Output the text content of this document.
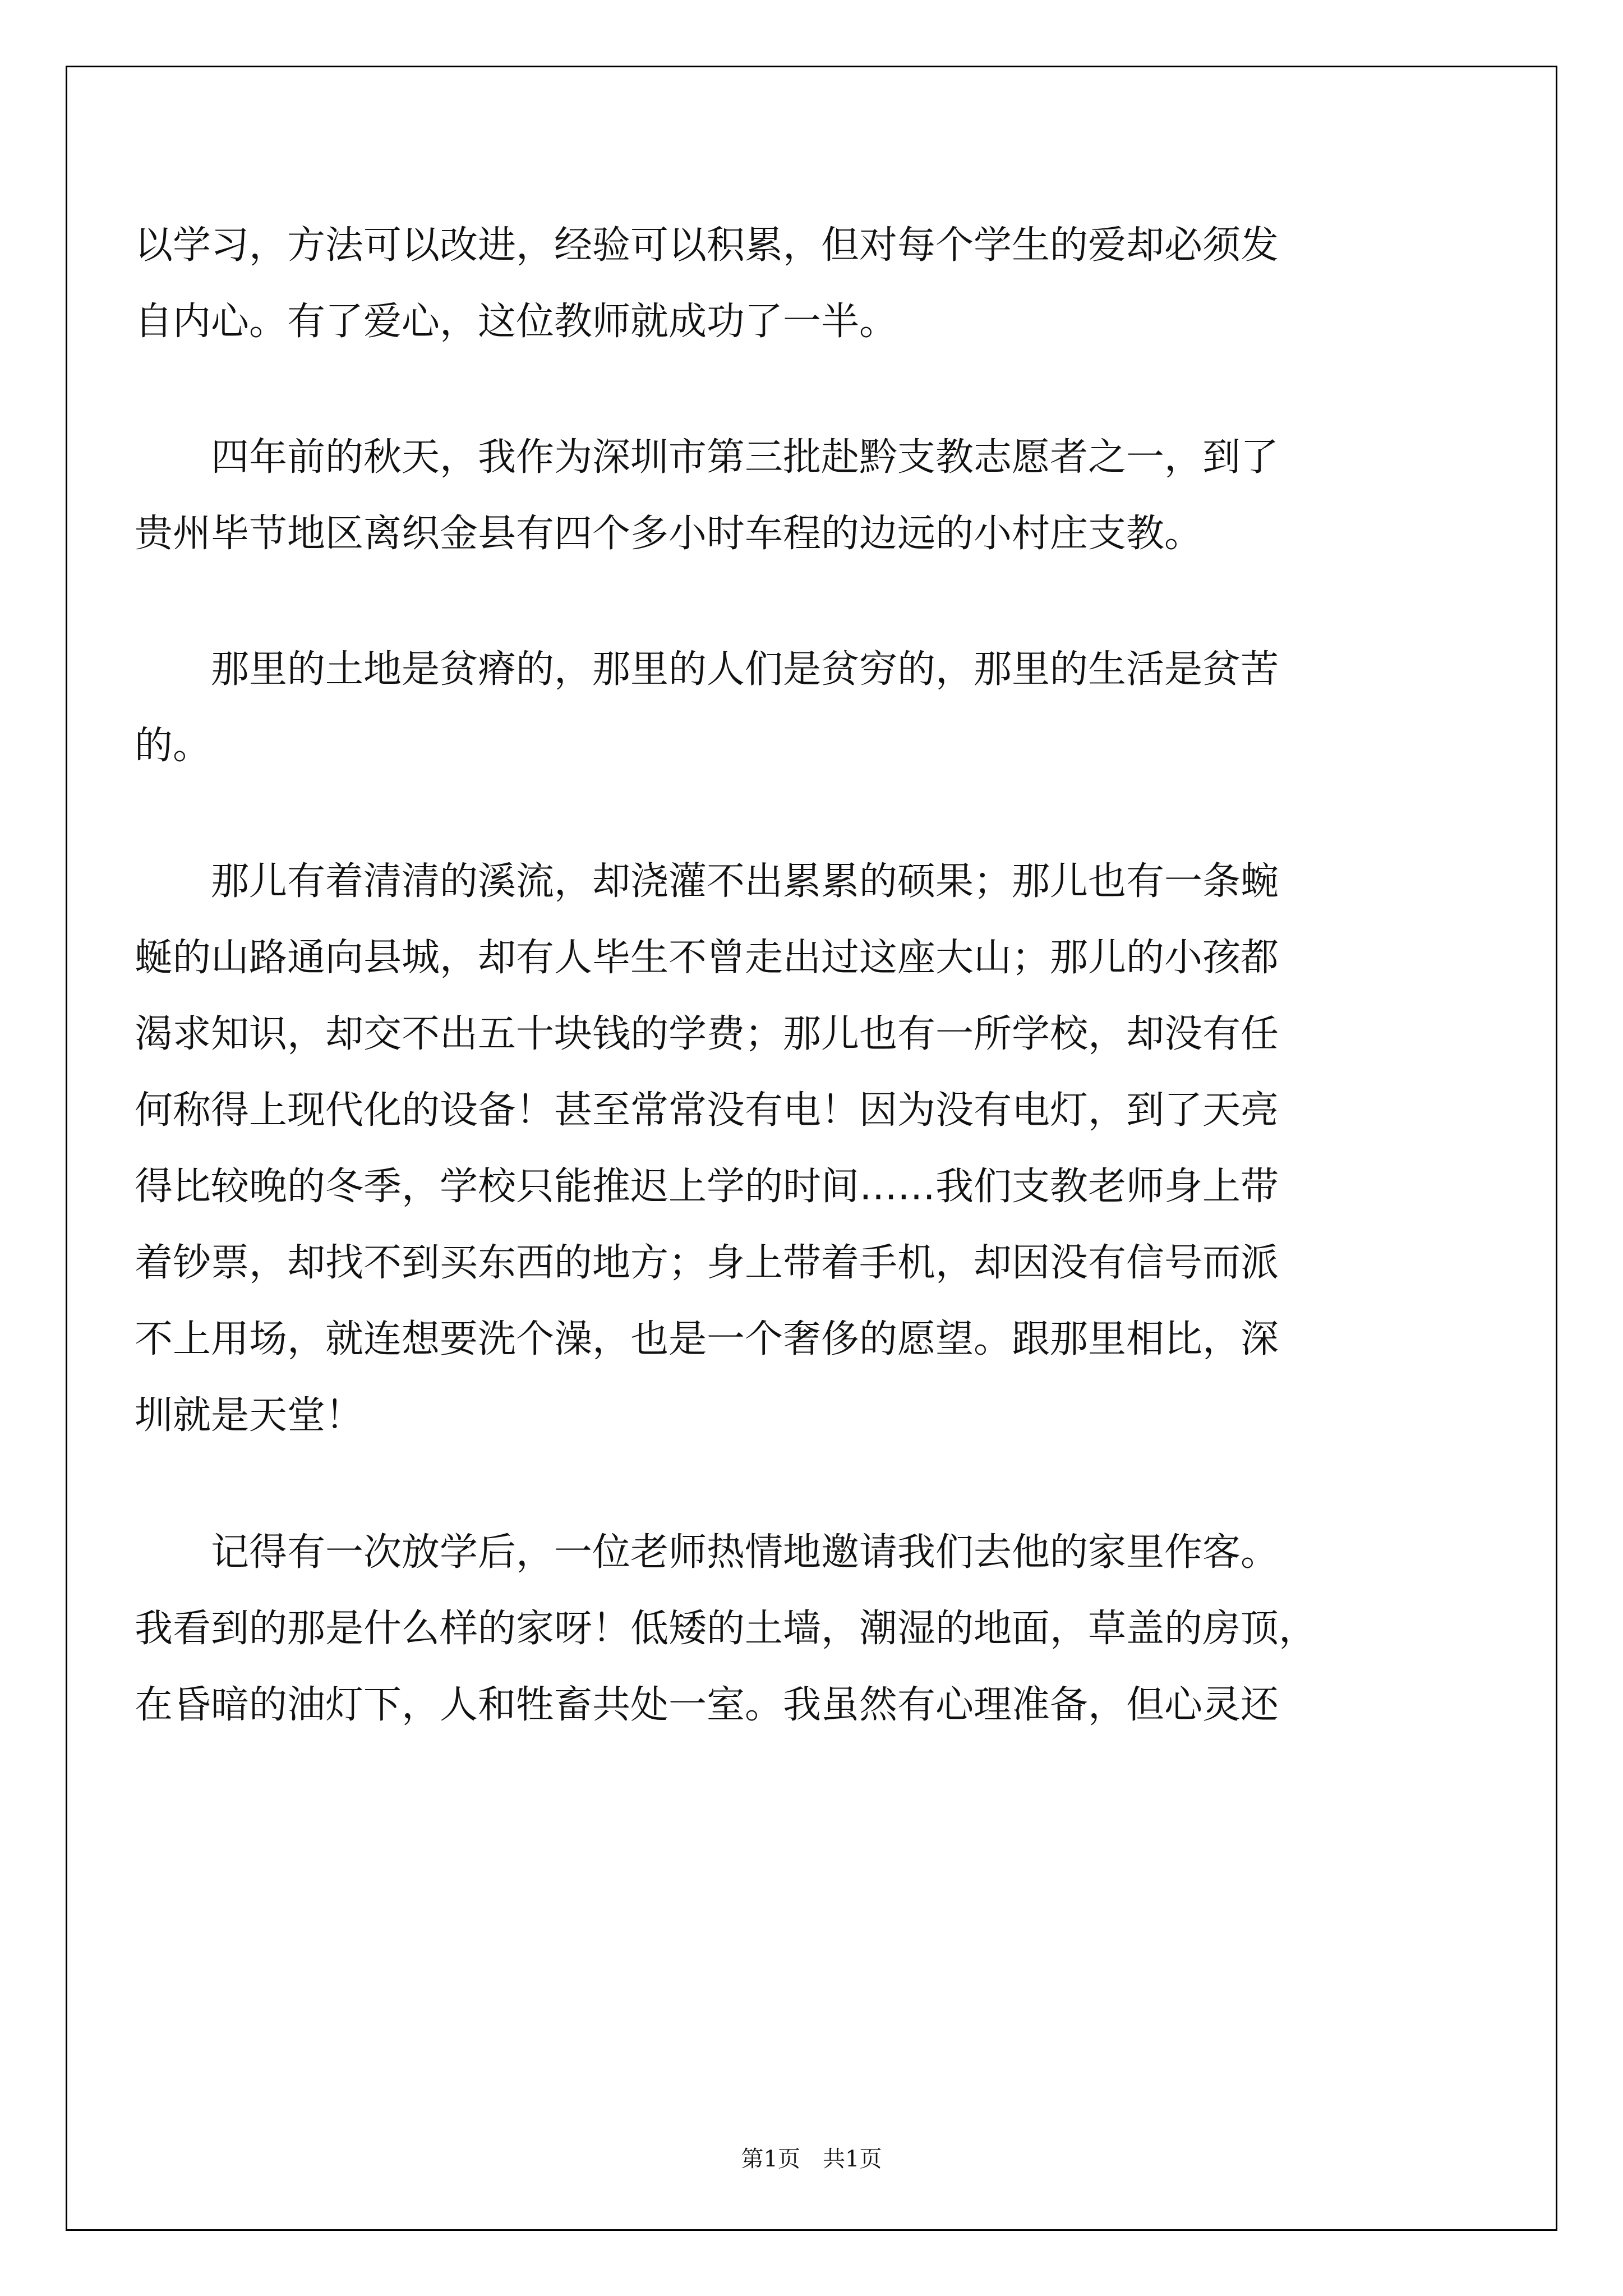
以学习，方法可以改进，经验可以积累，但对每个学生的爱却必须发
自内心。有了爱心，这位教师就成功了一半。
　　四年前的秋天，我作为深圳市第三批赴黔支教志愿者之一，到了
贵州毕节地区离织金县有四个多小时车程的边远的小村庄支教。
　　那里的土地是贫瘠的，那里的人们是贫穷的，那里的生活是贫苦
的。
　　那儿有着清清的溪流，却浇灌不出累累的硕果；那儿也有一条蜿
蜒的山路通向县城，却有人毕生不曾走出过这座大山；那儿的小孩都
渴求知识，却交不出五十块钱的学费；那儿也有一所学校，却没有任
何称得上现代化的设备！甚至常常没有电！因为没有电灯，到了天亮
得比较晚的冬季，学校只能推迟上学的时间……我们支教老师身上带
着钞票，却找不到买东西的地方；身上带着手机，却因没有信号而派
不上用场，就连想要洗个澡，也是一个奢侈的愿望。跟那里相比，深
圳就是天堂！
　　记得有一次放学后，一位老师热情地邀请我们去他的家里作客。
我看到的那是什么样的家呀！低矮的土墙，潮湿的地面，草盖的房顶，
在昏暗的油灯下，人和牲畜共处一室。我虽然有心理准备，但心灵还
第1页　共1页
